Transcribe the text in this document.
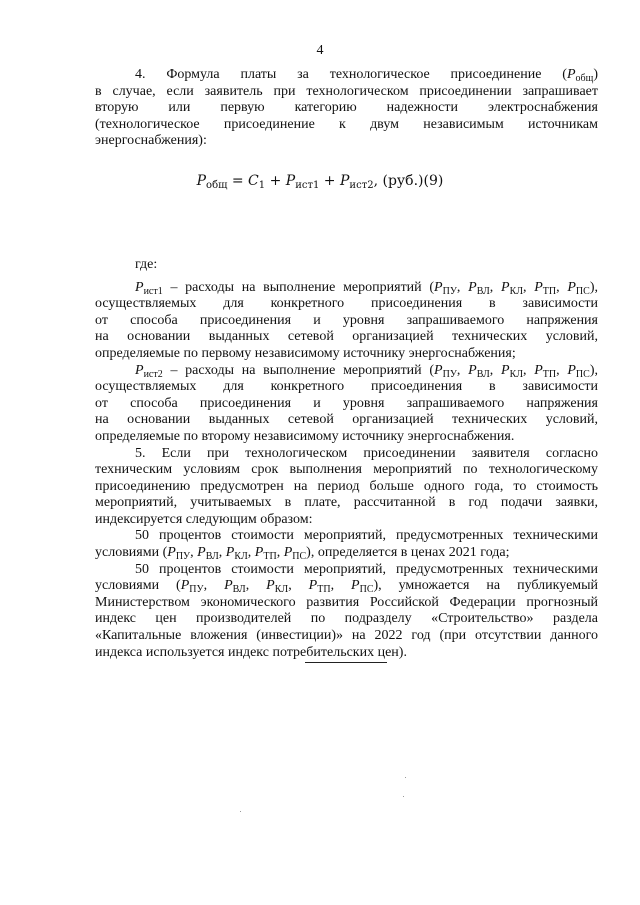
4

4. Формула платы за технологическое присоединение $(P_{общ})$

в случае, если заявитель при технологическом присоединении запрашивает

вторую или первую категорию надежности электроснабжения

(технологическое присоединение к двум независимым источникам

энергоснабжения):

где:

$P_{ист1}$ – расходы на выполнение мероприятий ($P_{ПУ}$, $P_{ВЛ}$, $P_{КЛ}$, $P_{ТП}$, $P_{ПС}$),

осуществляемых для конкретного присоединения в зависимости

от способа присоединения и уровня запрашиваемого напряжения

на основании выданных сетевой организацией технических условий,

определяемые по первому независимому источнику энергоснабжения;

$P_{ист2}$ – расходы на выполнение мероприятий ($P_{ПУ}$, $P_{ВЛ}$, $P_{КЛ}$, $P_{ТП}$, $P_{ПС}$),

осуществляемых для конкретного присоединения в зависимости

от способа присоединения и уровня запрашиваемого напряжения

на основании выданных сетевой организацией технических условий,

определяемые по второму независимому источнику энергоснабжения.

5. Если при технологическом присоединении заявителя согласно

техническим условиям срок выполнения мероприятий по технологическому

присоединению предусмотрен на период больше одного года, то стоимость

мероприятий, учитываемых в плате, рассчитанной в год подачи заявки,

индексируется следующим образом:

50 процентов стоимости мероприятий, предусмотренных техническими

условиями ($P_{ПУ}$, $P_{ВЛ}$, $P_{КЛ}$, $P_{ТП}$, $P_{ПС}$), определяется в ценах 2021 года;

50 процентов стоимости мероприятий, предусмотренных техническими

условиями ($P_{ПУ}$, $P_{ВЛ}$, $P_{КЛ}$, $P_{ТП}$, $P_{ПС}$), умножается на публикуемый

Министерством экономического развития Российской Федерации прогнозный

индекс цен производителей по подразделу «Строительство» раздела

«Капитальные вложения (инвестиции)» на 2022 год (при отсутствии данного

индекса используется индекс потребительских цен).

$P_{общ} = C_1 + P_{ист1} + P_{ист2}$, (руб.)(9)
